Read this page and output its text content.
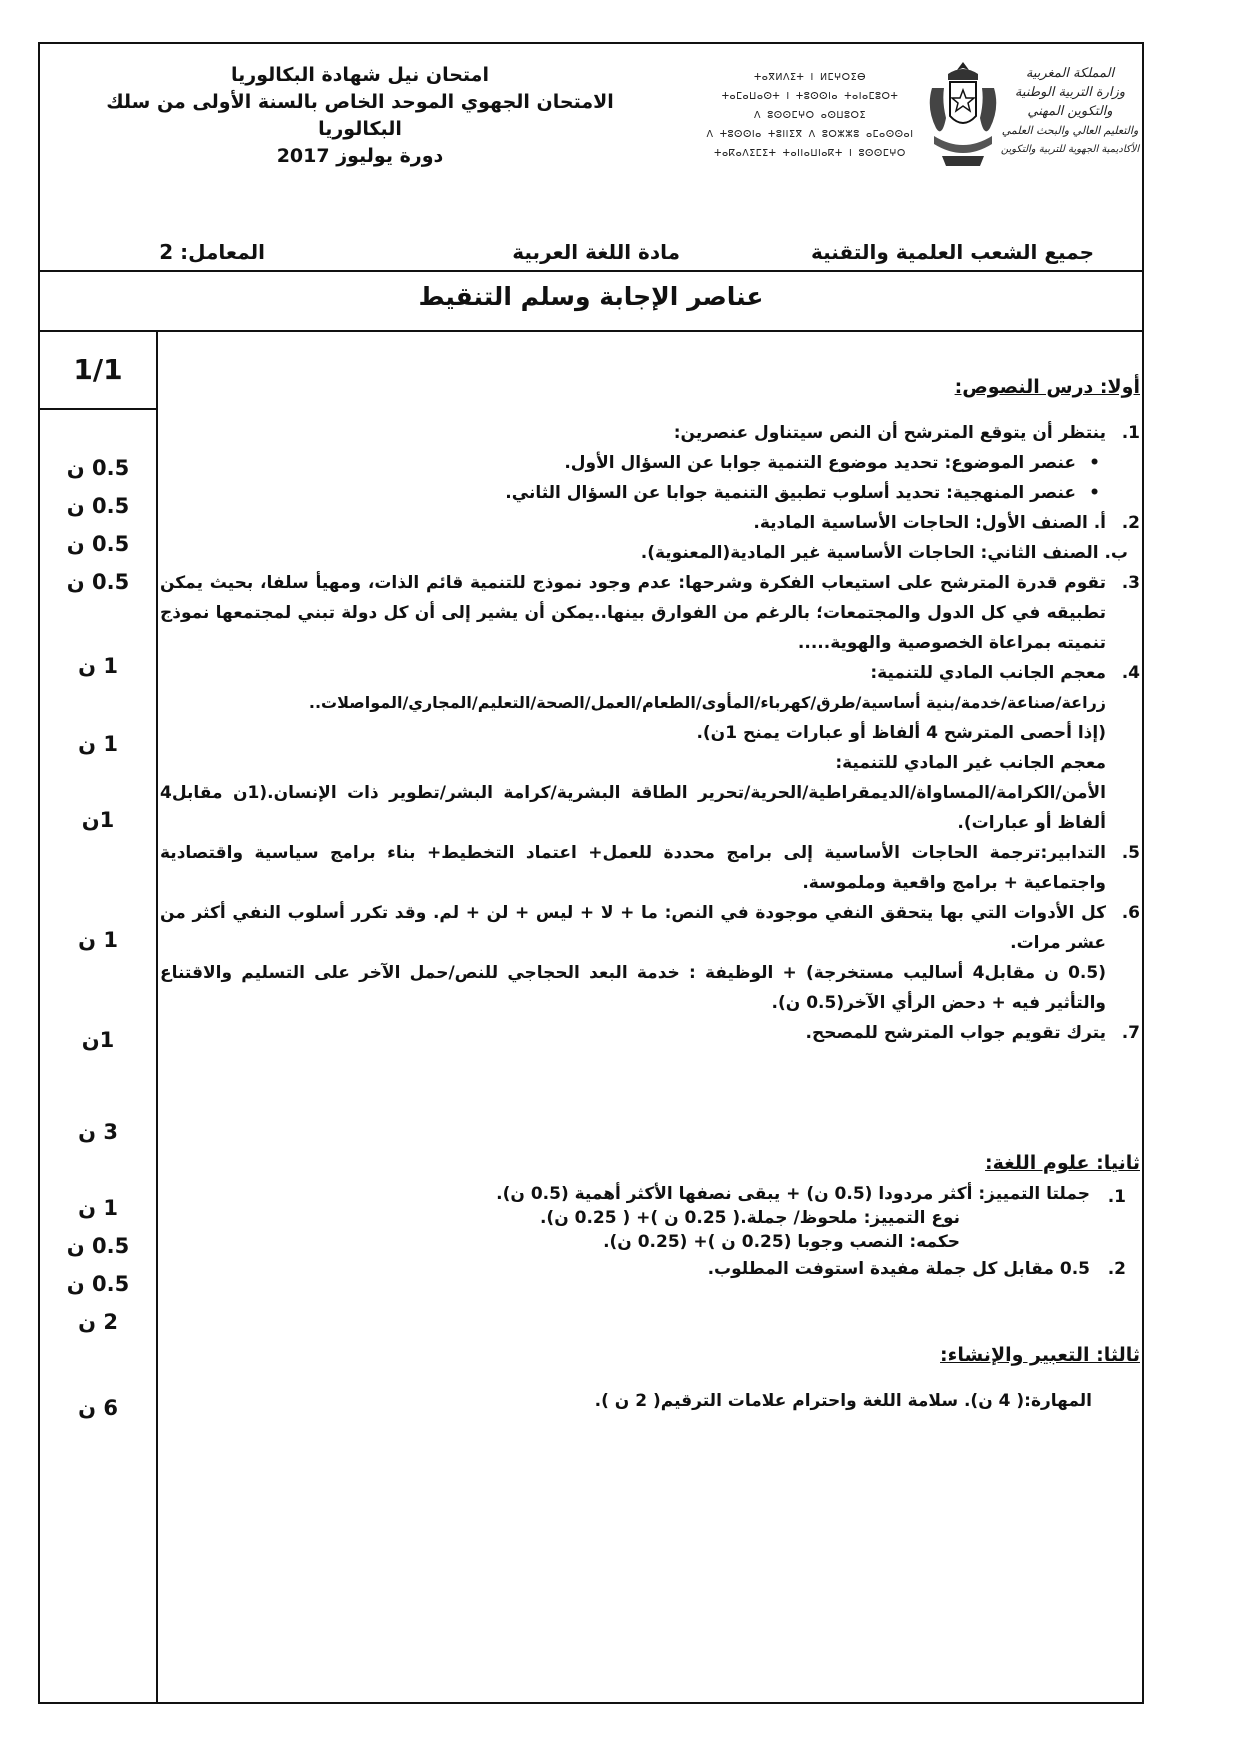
امتحان نيل شهادة البكالوريا
الامتحان الجهوي الموحد الخاص بالسنة الأولى من سلك البكالوريا
دورة يوليوز 2017
ⵜⴰⴳⵍⴷⵉⵜ ⵏ ⵍⵎⵖⵔⵉⴱ
ⵜⴰⵎⴰⵡⴰⵙⵜ ⵏ ⵜⵓⵙⵙⵏⴰ ⵜⴰⵏⴰⵎⵓⵔⵜ
ⴷ ⵓⵙⵙⵎⵖⵔ ⴰⵙⵡⵓⵔⵉ
ⴷ ⵜⵓⵙⵙⵏⴰ ⵜⵓⵏⵏⵉⴳ ⴷ ⵓⵔⵣⵣⵓ ⴰⵎⴰⵙⵙⴰⵏ
ⵜⴰⴽⴰⴷⵉⵎⵉⵜ ⵜⴰⵏⵏⴰⵡⵏⴰⴽⵜ ⵏ ⵓⵙⵙⵎⵖⵔ
المملكة المغربية
وزارة التربية الوطنية
والتكوين المهني
والتعليم العالي والبحث العلمي
الأكاديمية الجهوية للتربية والتكوين
جميع الشعب العلمية والتقنية
مادة اللغة العربية
المعامل: 2
عناصر الإجابة وسلم التنقيط
1/1
0.5 ن
0.5 ن
0.5 ن
0.5 ن
1 ن
1 ن
1ن
1 ن
1ن
3 ن
1 ن
0.5 ن
0.5 ن
2 ن
6 ن
أولا: درس النصوص:
1.
ينتظر أن يتوقع المترشح أن النص سيتناول عنصرين:
• عنصر الموضوع: تحديد موضوع التنمية جوابا عن السؤال الأول.
• عنصر المنهجية: تحديد أسلوب تطبيق التنمية جوابا عن السؤال الثاني.
2.
أ. الصنف الأول: الحاجات الأساسية المادية.
ب. الصنف الثاني: الحاجات الأساسية غير المادية(المعنوية).
3.
تقوم قدرة المترشح على استيعاب الفكرة وشرحها: عدم وجود نموذج للتنمية قائم الذات، ومهيأ سلفا، بحيث يمكن تطبيقه في كل الدول والمجتمعات؛ بالرغم من الفوارق بينها..يمكن أن يشير إلى أن كل دولة تبني لمجتمعها نموذج تنميته بمراعاة الخصوصية والهوية.....
4.
معجم الجانب المادي للتنمية:
زراعة/صناعة/خدمة/بنية أساسية/طرق/كهرباء/المأوى/الطعام/العمل/الصحة/التعليم/المجاري/المواصلات..
(إذا أحصى المترشح 4 ألفاظ أو عبارات يمنح 1ن).
معجم الجانب غير المادي للتنمية:
الأمن/الكرامة/المساواة/الديمقراطية/الحرية/تحرير الطاقة البشرية/كرامة البشر/تطوير ذات الإنسان.(1ن مقابل4 ألفاظ أو عبارات).
5.
التدابير:ترجمة الحاجات الأساسية إلى برامج محددة للعمل+ اعتماد التخطيط+ بناء برامج سياسية واقتصادية واجتماعية + برامج واقعية وملموسة.
6.
كل الأدوات التي بها يتحقق النفي موجودة في النص: ما + لا + ليس + لن + لم. وقد تكرر أسلوب النفي أكثر من عشر مرات.
(0.5 ن مقابل4 أساليب مستخرجة) + الوظيفة : خدمة البعد الحجاجي للنص/حمل الآخر على التسليم والاقتناع والتأثير فيه + دحض الرأي الآخر(0.5 ن).
7.
يترك تقويم جواب المترشح للمصحح.
ثانيا: علوم اللغة:
1.
جملتا التمييز: أكثر مردودا (0.5 ن) + يبقى نصفها الأكثر أهمية (0.5 ن).
نوع التمييز: ملحوظ/ جملة.( 0.25 ن )+ ( 0.25 ن).
حكمه: النصب وجوبا (0.25 ن )+ (0.25 ن).
2.
0.5 مقابل كل جملة مفيدة استوفت المطلوب.
ثالثا: التعبير والإنشاء:
المهارة:( 4 ن). سلامة اللغة واحترام علامات الترقيم( 2 ن ).
